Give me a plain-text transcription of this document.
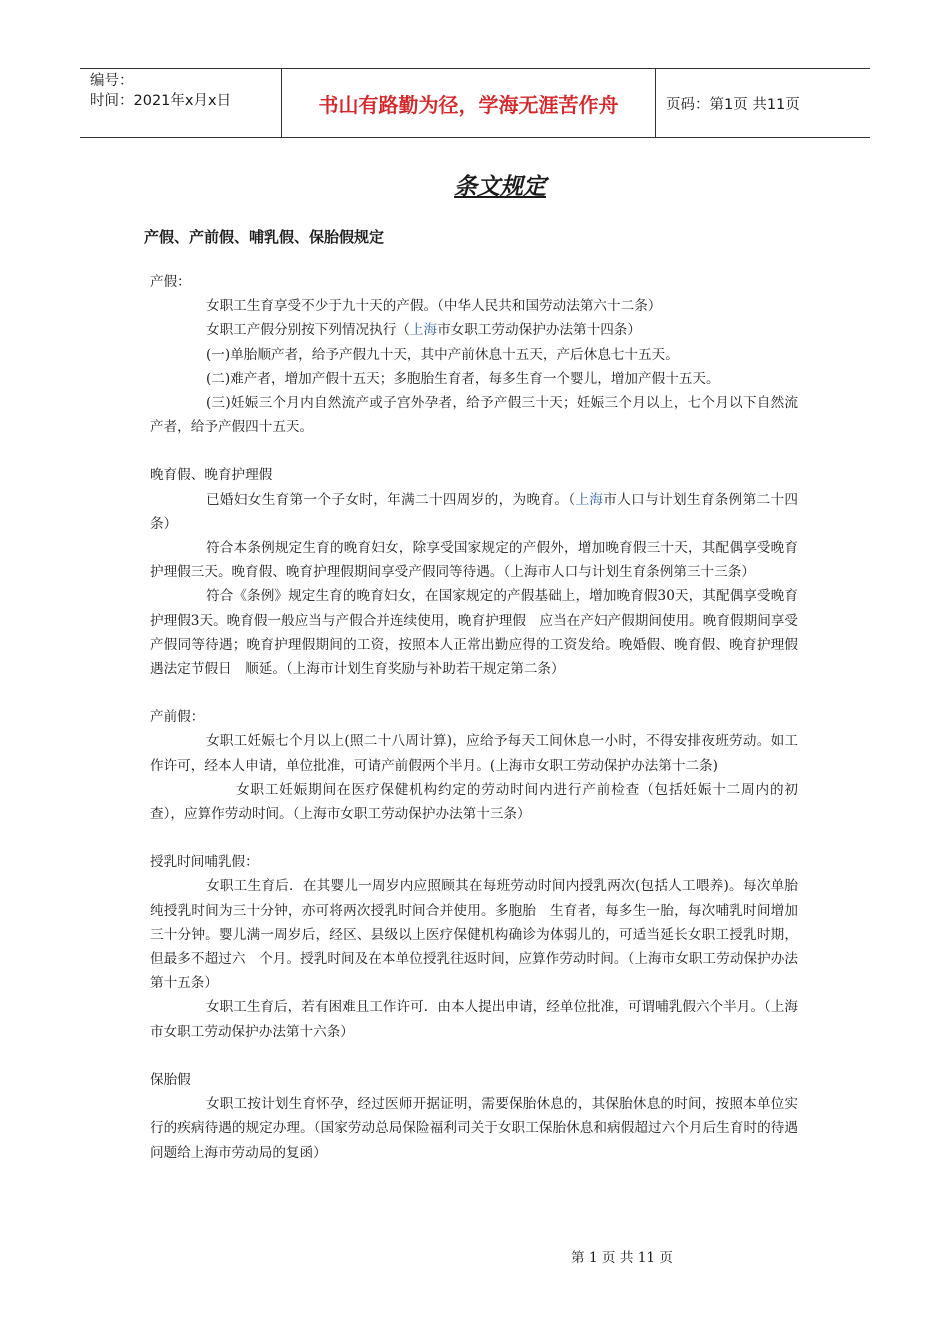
编号：
时间：2021年x月x日	书山有路勤为径，学海无涯苦作舟	页码：第1页 共11页
条文规定
产假、产前假、哺乳假、保胎假规定

产假：

女职工生育享受不少于九十天的产假。（中华人民共和国劳动法第六十二条）

女职工产假分别按下列情况执行（上海市女职工劳动保护办法第十四条）

(一)单胎顺产者，给予产假九十天，其中产前休息十五天，产后休息七十五天。

(二)难产者，增加产假十五天；多胞胎生育者，每多生育一个婴儿，增加产假十五天。

(三)妊娠三个月内自然流产或子宫外孕者，给予产假三十天；妊娠三个月以上，七个月以下自然流产者，给予产假四十五天。

晚育假、晚育护理假

已婚妇女生育第一个子女时，年满二十四周岁的，为晚育。（上海市人口与计划生育条例第二十四条）

符合本条例规定生育的晚育妇女，除享受国家规定的产假外，增加晚育假三十天，其配偶享受晚育护理假三天。晚育假、晚育护理假期间享受产假同等待遇。（上海市人口与计划生育条例第三十三条）

符合《条例》规定生育的晚育妇女，在国家规定的产假基础上，增加晚育假30天，其配偶享受晚育护理假3天。晚育假一般应当与产假合并连续使用，晚育护理假　应当在产妇产假期间使用。晚育假期间享受产假同等待遇；晚育护理假期间的工资，按照本人正常出勤应得的工资发给。晚婚假、晚育假、晚育护理假遇法定节假日　顺延。（上海市计划生育奖励与补助若干规定第二条）

产前假：

女职工妊娠七个月以上(照二十八周计算)，应给予每天工间休息一小时，不得安排夜班劳动。如工作许可，经本人申请，单位批准，可请产前假两个半月。(上海市女职工劳动保护办法第十二条)

女职工妊娠期间在医疗保健机构约定的劳动时间内进行产前检查（包括妊娠十二周内的初查），应算作劳动时间。（上海市女职工劳动保护办法第十三条）

授乳时间哺乳假：

女职工生育后．在其婴儿一周岁内应照顾其在每班劳动时间内授乳两次(包括人工喂养)。每次单胎纯授乳时间为三十分钟，亦可将两次授乳时间合并使用。多胞胎　生育者，每多生一胎，每次哺乳时间增加三十分钟。婴儿满一周岁后，经区、县级以上医疗保健机构确诊为体弱儿的，可适当延长女职工授乳时期，但最多不超过六　个月。授乳时间及在本单位授乳往返时间，应算作劳动时间。（上海市女职工劳动保护办法第十五条）

女职工生育后，若有困难且工作许可．由本人提出申请，经单位批准，可谓哺乳假六个半月。（上海市女职工劳动保护办法第十六条）

保胎假

女职工按计划生育怀孕，经过医师开据证明，需要保胎休息的，其保胎休息的时间，按照本单位实行的疾病待遇的规定办理。（国家劳动总局保险福利司关于女职工保胎休息和病假超过六个月后生育时的待遇问题给上海市劳动局的复函）

第 1 页 共 11 页
